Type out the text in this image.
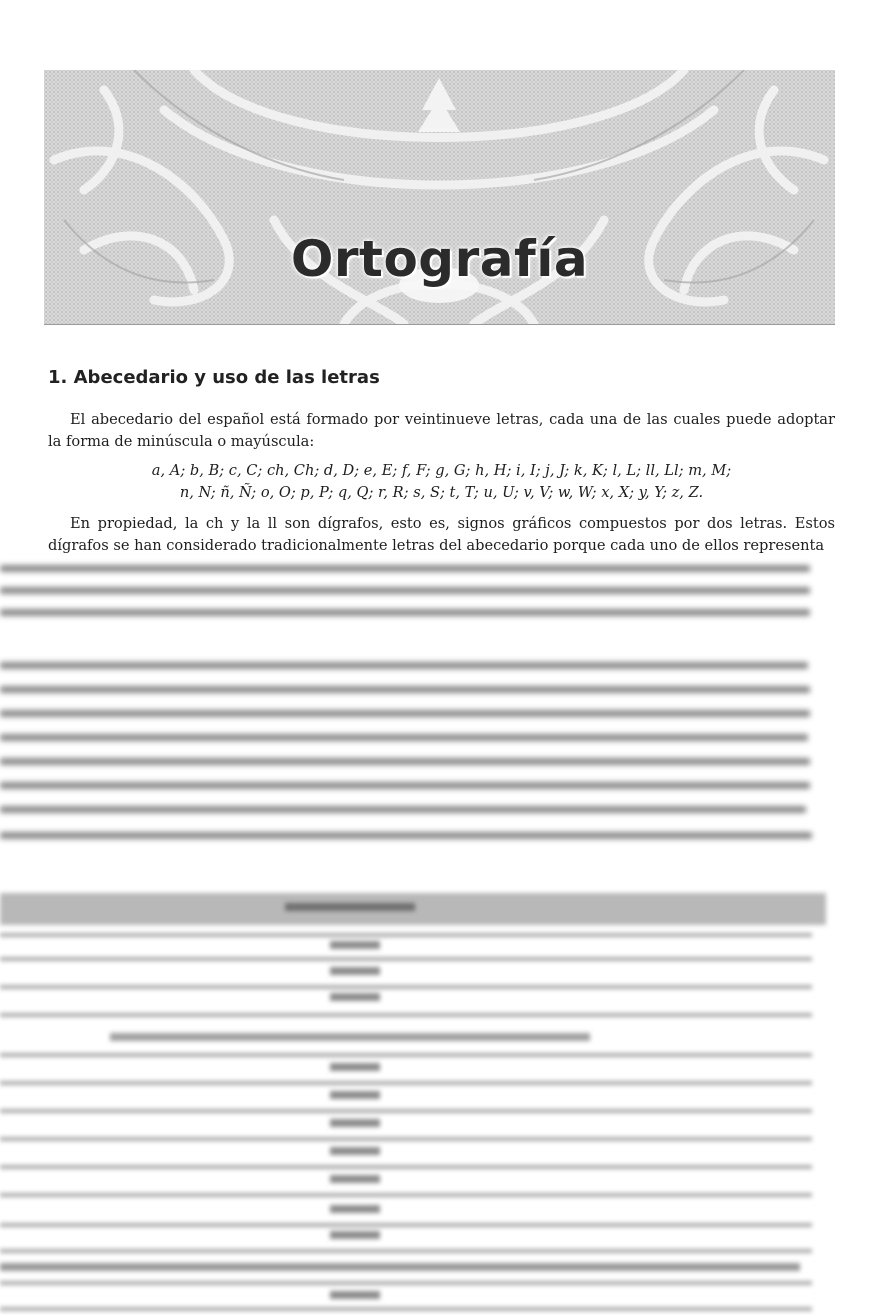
Ortografía
1. Abecedario y uso de las letras

El abecedario del español está formado por veintinueve letras, cada una de las cuales puede adoptar la forma de minúscula o mayúscula:

a, A; b, B; c, C; ch, Ch; d, D; e, E; f, F; g, G; h, H; i, I; j, J; k, K; l, L; ll, Ll; m, M;
n, N; ñ, Ñ; o, O; p, P; q, Q; r, R; s, S; t, T; u, U; v, V; w, W; x, X; y, Y; z, Z.

En propiedad, la ch y la ll son dígrafos, esto es, signos gráficos compuestos por dos letras. Estos dígrafos se han considerado tradicionalmente letras del abecedario porque cada uno de ellos representa
